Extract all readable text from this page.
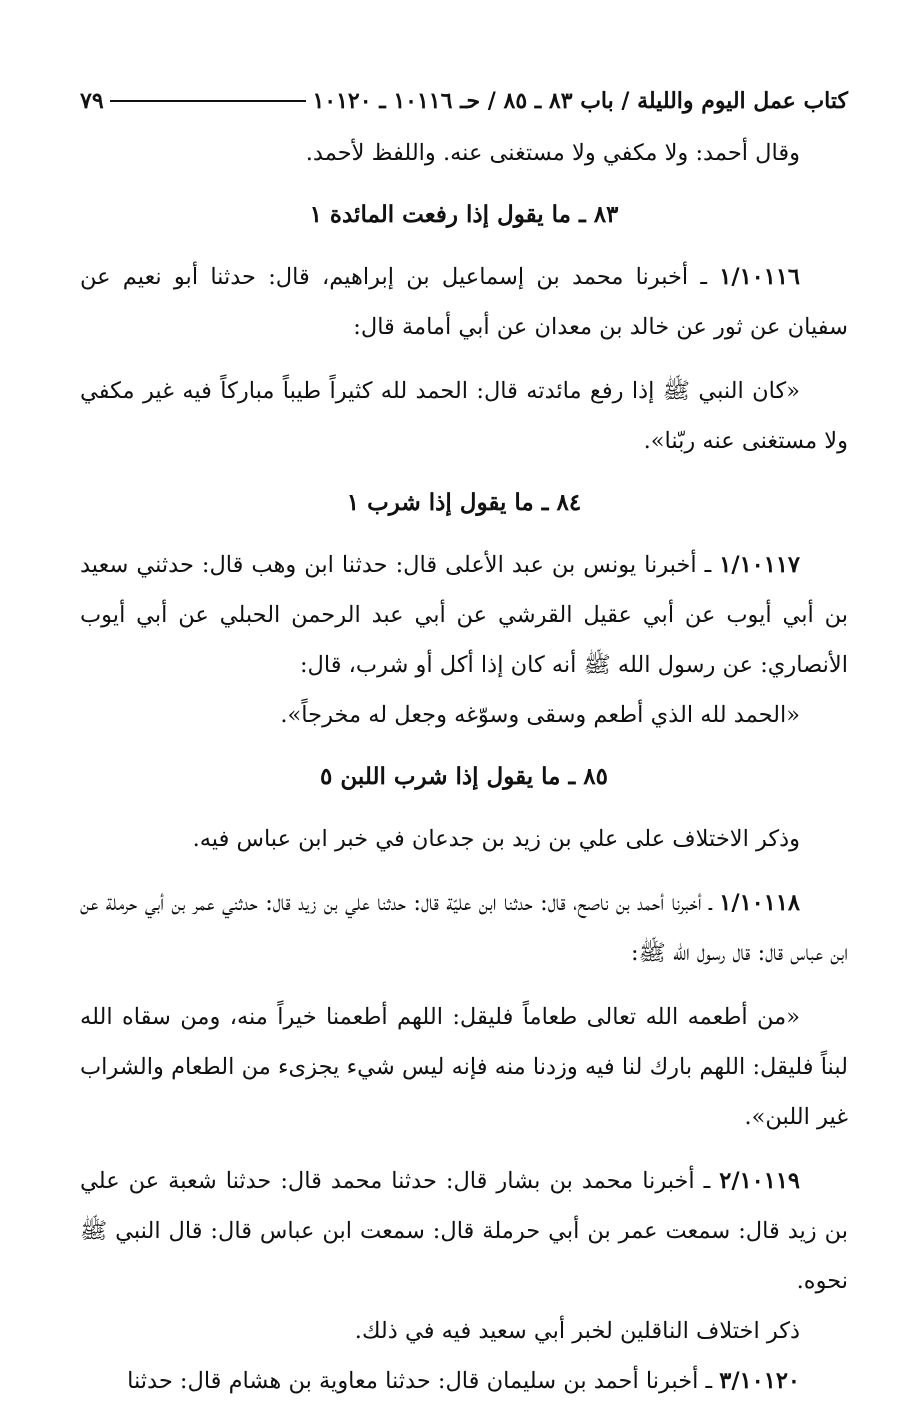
كتاب عمل اليوم والليلة / باب ٨٣ ـ ٨٥ / حـ ١٠١١٦ ـ ١٠١٢٠
٧٩

وقال أحمد: ولا مكفي ولا مستغنى عنه. واللفظ لأحمد.

٨٣ ـ ما يقول إذا رفعت المائدة ١

١/١٠١١٦ ـ أخبرنا محمد بن إسماعيل بن إبراهيم، قال: حدثنا أبو نعيم عن سفيان عن ثور عن خالد بن معدان عن أبي أمامة قال:

«كان النبي ﷺ إذا رفع مائدته قال: الحمد لله كثيراً طيباً مباركاً فيه غير مكفي ولا مستغنى عنه ربّنا».

٨٤ ـ ما يقول إذا شرب ١

١/١٠١١٧ ـ أخبرنا يونس بن عبد الأعلى قال: حدثنا ابن وهب قال: حدثني سعيد بن أبي أيوب عن أبي عقيل القرشي عن أبي عبد الرحمن الحبلي عن أبي أيوب الأنصاري: عن رسول الله ﷺ أنه كان إذا أكل أو شرب، قال:

«الحمد لله الذي أطعم وسقى وسوّغه وجعل له مخرجاً».

٨٥ ـ ما يقول إذا شرب اللبن ٥

وذكر الاختلاف على علي بن زيد بن جدعان في خبر ابن عباس فيه.

١/١٠١١٨ ـ أخبرنا أحمد بن ناصح، قال: حدثنا ابن عليّة قال: حدثنا علي بن زيد قال: حدثني عمر بن أبي حرملة عن ابن عباس قال: قال رسول الله ﷺ:

«من أطعمه الله تعالى طعاماً فليقل: اللهم أطعمنا خيراً منه، ومن سقاه الله لبناً فليقل: اللهم بارك لنا فيه وزدنا منه فإنه ليس شيء يجزىء من الطعام والشراب غير اللبن».

٢/١٠١١٩ ـ أخبرنا محمد بن بشار قال: حدثنا محمد قال: حدثنا شعبة عن علي بن زيد قال: سمعت عمر بن أبي حرملة قال: سمعت ابن عباس قال: قال النبي ﷺ نحوه.

ذكر اختلاف الناقلين لخبر أبي سعيد فيه في ذلك.

٣/١٠١٢٠ ـ أخبرنا أحمد بن سليمان قال: حدثنا معاوية بن هشام قال: حدثنا
